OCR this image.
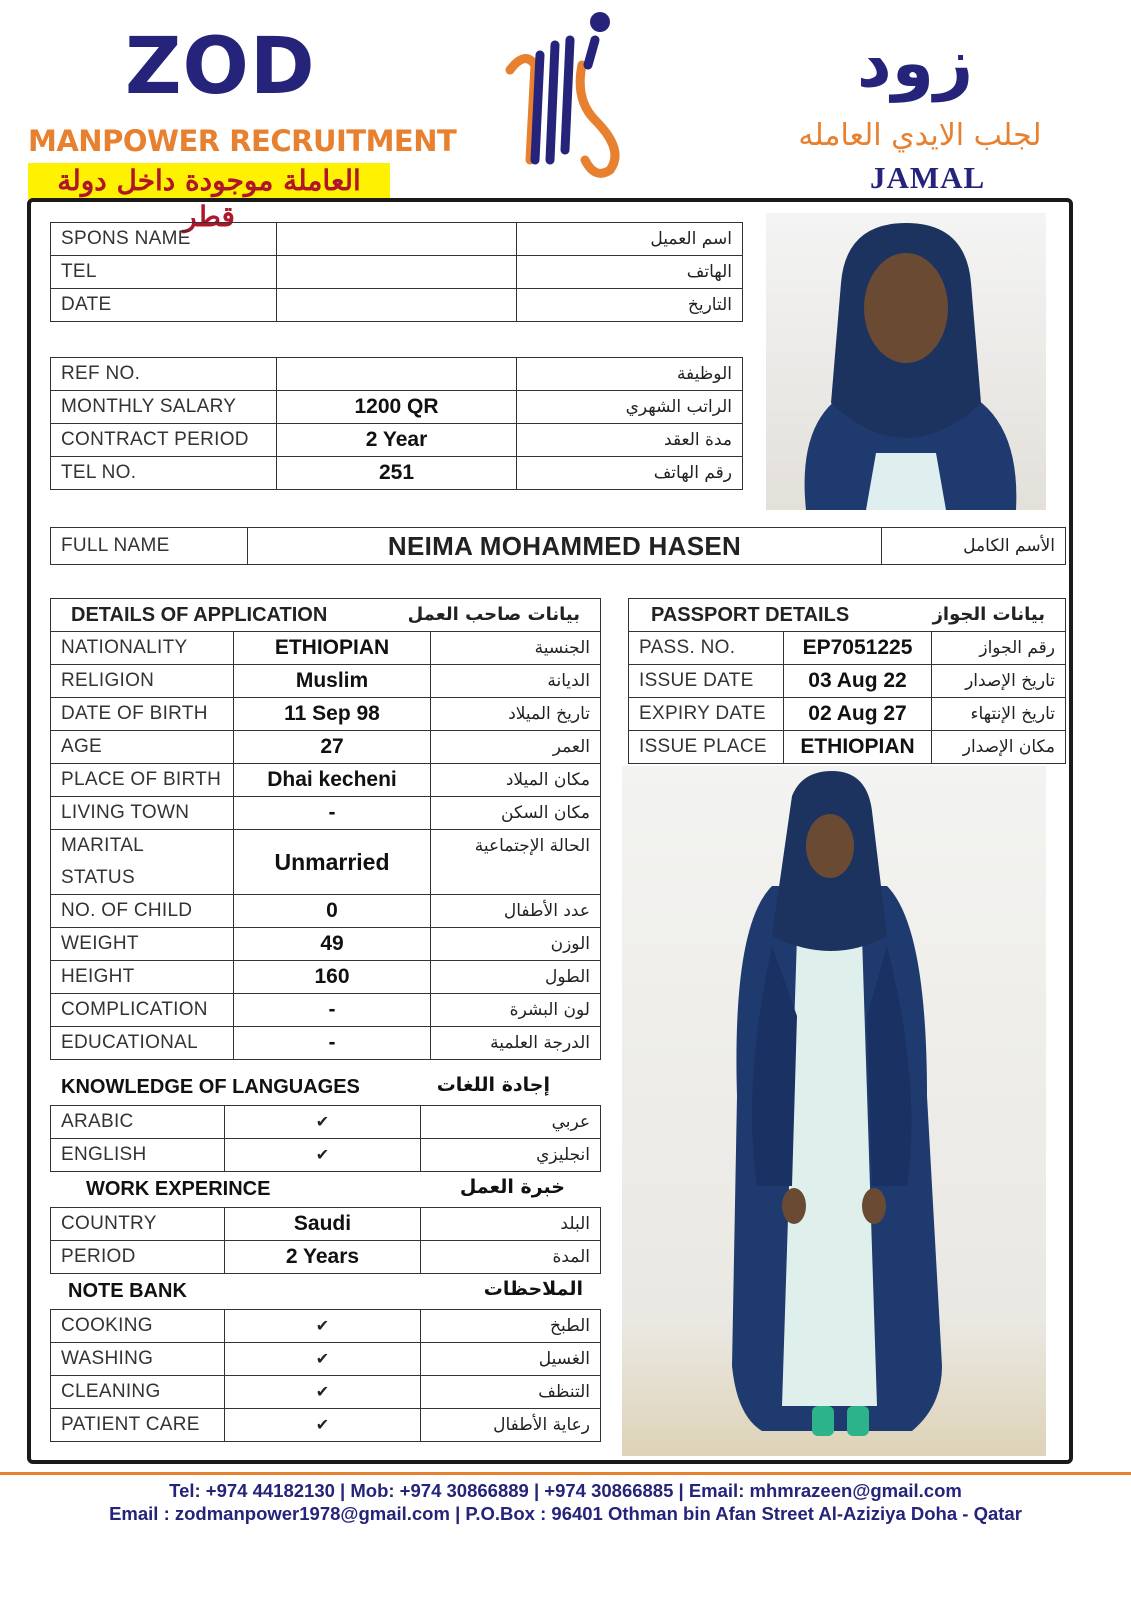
ZOD
MANPOWER RECRUITMENT
العاملة موجودة داخل دولة قطر
زود
لجلب الايدي العامله
JAMAL
SPONS NAME		اسم العميل
TEL		الهاتف
DATE		التاريخ
REF NO.		الوظيفة
MONTHLY SALARY	1200 QR	الراتب الشهري
CONTRACT PERIOD	2 Year	مدة العقد
TEL NO.	251	رقم الهاتف
FULL NAME	NEIMA MOHAMMED HASEN	الأسم الكامل
DETAILS OF APPLICATION بيانات صاحب العمل		

NATIONALITY	ETHIOPIAN	الجنسية
RELIGION	Muslim	الديانة
DATE OF BIRTH	11 Sep 98	تاريخ الميلاد
AGE	27	العمر
PLACE OF BIRTH	Dhai kecheni	مكان الميلاد
LIVING TOWN	-	مكان السكن
MARITAL
STATUS	Unmarried	الحالة الإجتماعية
NO. OF CHILD	0	عدد الأطفال
WEIGHT	49	الوزن
HEIGHT	160	الطول
COMPLICATION	-	لون البشرة
EDUCATIONAL	-	الدرجة العلمية
KNOWLEDGE OF LANGUAGES	إجادة اللغات
ARABIC	✔	عربي
ENGLISH	✔	انجليزي
WORK EXPERINCE	خبرة العمل
COUNTRY	Saudi	البلد
PERIOD	2 Years	المدة
NOTE BANK	الملاحظات
COOKING	✔	الطبخ
WASHING	✔	الغسيل
CLEANING	✔	التنظف
PATIENT CARE	✔	رعاية الأطفال
PASSPORT DETAILS بيانات الجواز		

PASS. NO.	EP7051225	رقم الجواز
ISSUE DATE	03 Aug 22	تاريخ الإصدار
EXPIRY DATE	02 Aug 27	تاريخ الإنتهاء
ISSUE PLACE	ETHIOPIAN	مكان الإصدار
Tel: +974 44182130 | Mob: +974 30866889 | +974 30866885 | Email: mhmrazeen@gmail.com
Email : zodmanpower1978@gmail.com | P.O.Box : 96401 Othman bin Afan Street Al-Aziziya Doha - Qatar
